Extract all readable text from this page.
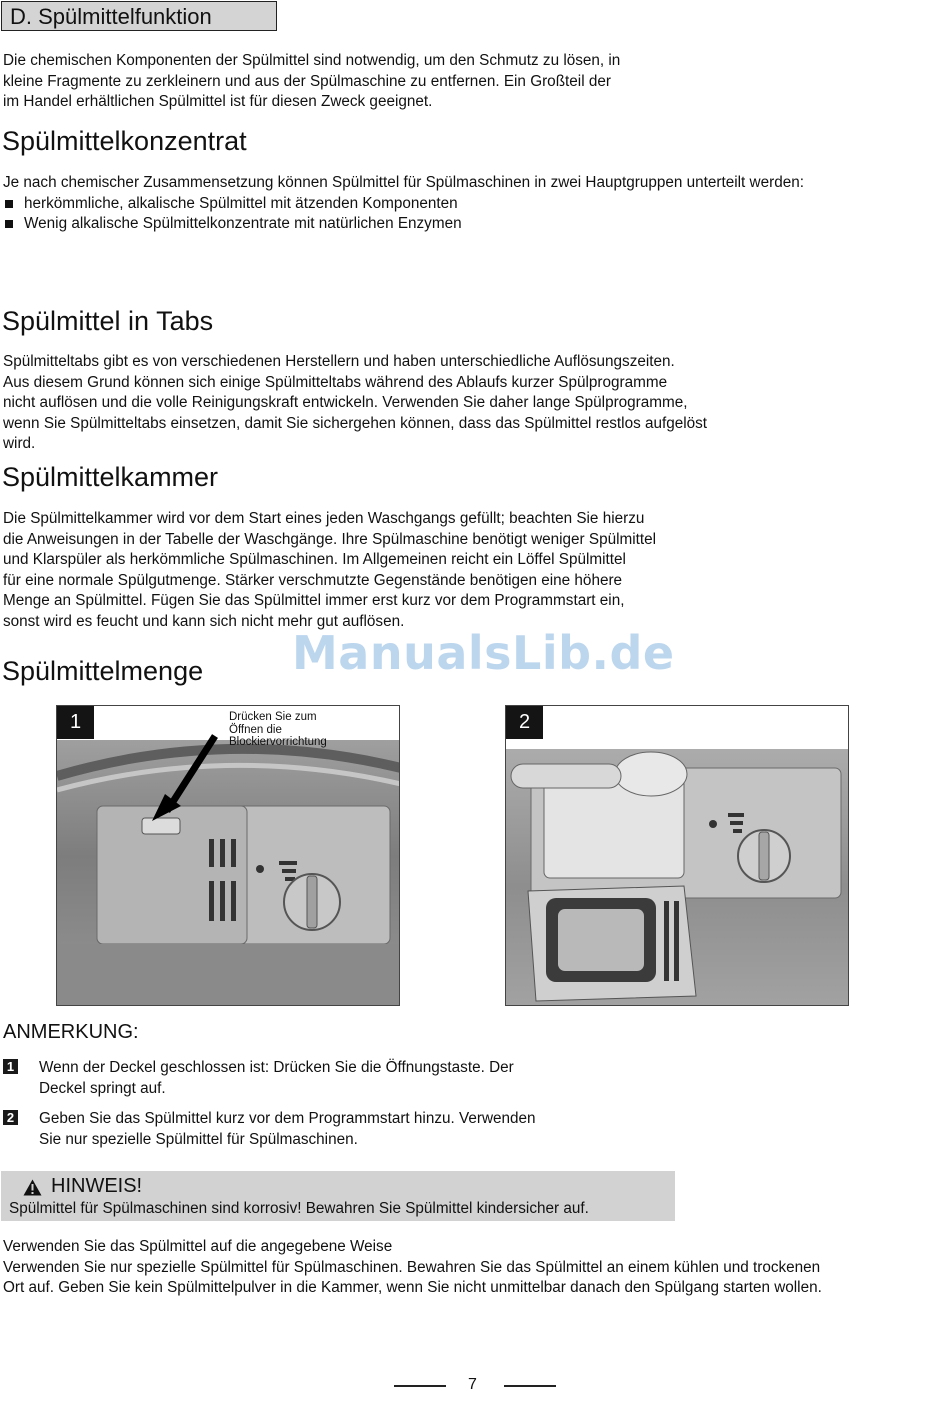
D. Spülmittelfunktion

Die chemischen Komponenten der Spülmittel sind notwendig, um den Schmutz zu lösen, in

kleine Fragmente zu zerkleinern und aus der Spülmaschine zu entfernen. Ein Großteil der

im Handel erhältlichen Spülmittel ist für diesen Zweck geeignet.

Spülmittelkonzentrat

Je nach chemischer Zusammensetzung können Spülmittel für Spülmaschinen in zwei Hauptgruppen unterteilt werden:

herkömmliche, alkalische Spülmittel mit ätzenden Komponenten
Wenig alkalische Spülmittelkonzentrate mit natürlichen Enzymen
Spülmittel in Tabs

Spülmitteltabs gibt es von verschiedenen Herstellern und haben unterschiedliche Auflösungszeiten.

Aus diesem Grund können sich einige Spülmitteltabs während des Ablaufs kurzer Spülprogramme

nicht auflösen und die volle Reinigungskraft entwickeln. Verwenden Sie daher lange Spülprogramme,

wenn Sie Spülmitteltabs einsetzen, damit Sie sichergehen können, dass das Spülmittel restlos aufgelöst

wird.

Spülmittelkammer

Die Spülmittelkammer wird vor dem Start eines jeden Waschgangs gefüllt; beachten Sie hierzu

die Anweisungen in der Tabelle der Waschgänge. Ihre Spülmaschine benötigt weniger Spülmittel

und Klarspüler als herkömmliche Spülmaschinen. Im Allgemeinen reicht ein Löffel Spülmittel

für eine normale Spülgutmenge. Stärker verschmutzte Gegenstände benötigen eine höhere

Menge an Spülmittel. Fügen Sie das Spülmittel immer erst kurz vor dem Programmstart ein,

sonst wird es feucht und kann sich nicht mehr gut auflösen.

ManualsLib.de
Spülmittelmenge
1	Drücken Sie zum
Öffnen die
Blockiervorrichtung
2
ANMERKUNG:
1 Wenn der Deckel geschlossen ist: Drücken Sie die Öffnungstaste. Der

Deckel springt auf.

2 Geben Sie das Spülmittel kurz vor dem Programmstart hinzu. Verwenden

Sie nur spezielle Spülmittel für Spülmaschinen.

HINWEIS!
Spülmittel für Spülmaschinen sind korrosiv! Bewahren Sie Spülmittel kindersicher auf.

Verwenden Sie das Spülmittel auf die angegebene Weise

Verwenden Sie nur spezielle Spülmittel für Spülmaschinen. Bewahren Sie das Spülmittel an einem kühlen und trockenen

Ort auf. Geben Sie kein Spülmittelpulver in die Kammer, wenn Sie nicht unmittelbar danach den Spülgang starten wollen.

7
